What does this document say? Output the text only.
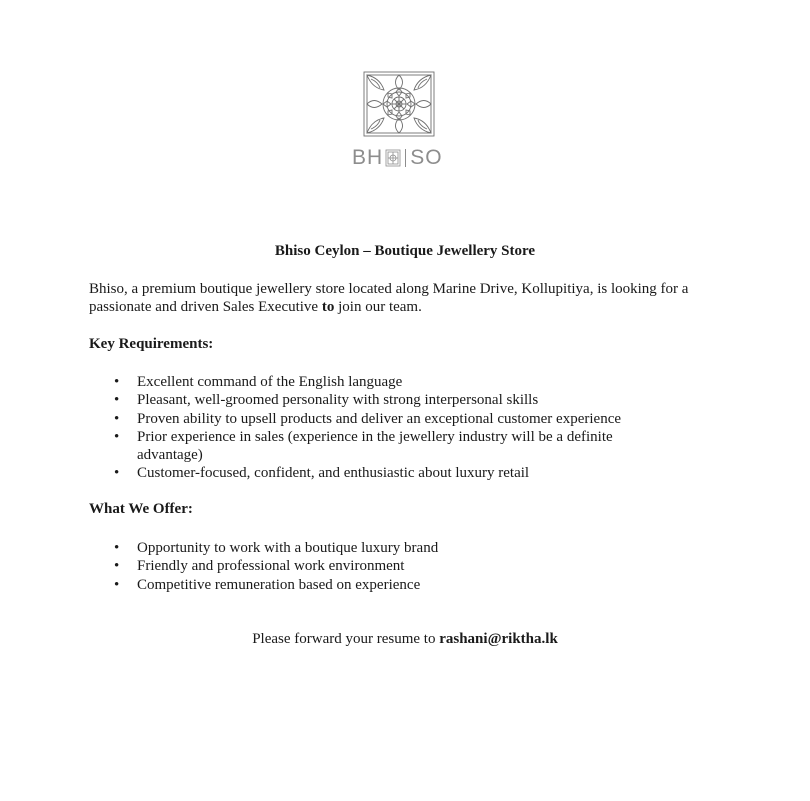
BH SO
Bhiso Ceylon – Boutique Jewellery Store
Bhiso, a premium boutique jewellery store located along Marine Drive, Kollupitiya, is looking for a passionate and driven Sales Executive to join our team.
Key Requirements:
• Excellent command of the English language
• Pleasant, well-groomed personality with strong interpersonal skills
• Proven ability to upsell products and deliver an exceptional customer experience
• Prior experience in sales (experience in the jewellery industry will be a definite advantage)
• Customer-focused, confident, and enthusiastic about luxury retail
What We Offer:
• Opportunity to work with a boutique luxury brand
• Friendly and professional work environment
• Competitive remuneration based on experience
Please forward your resume to rashani@riktha.lk
